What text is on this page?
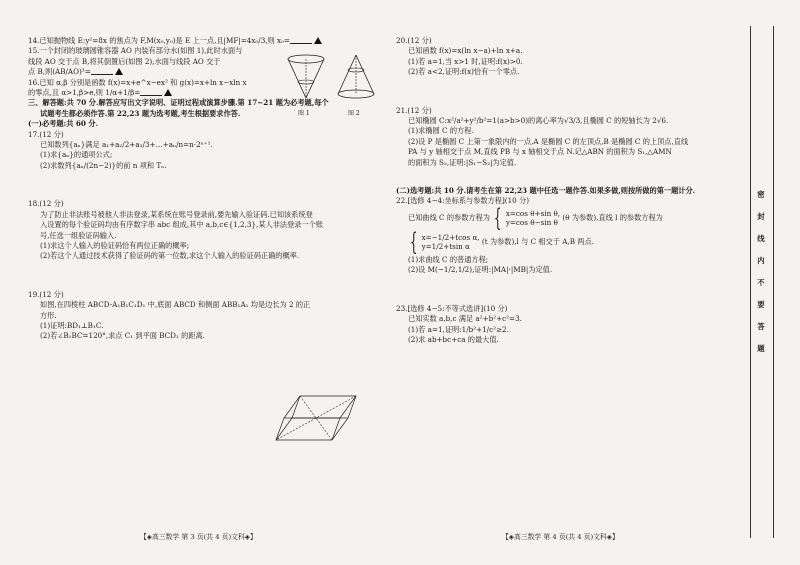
14.已知抛物线 E:y²=8x 的焦点为 F,M(x₀,y₀)是 E 上一点,且|MF|=4x₀/3,则 x₀=
15.一个封闭的玻璃圆锥容器 AO 内装有部分水(如图 1),此时水面与
线段 AO 交于点 B,将其倒置后(如图 2),水面与线段 AO 交于
点 B,则(AB/AO)³=
16.已知 α,β 分别是函数 f(x)=x+e^x−ex² 和 g(x)=x+ln x−xln x
的零点,且 α>1,β>e,则 1/α+1/β=
三、解答题:共 70 分.解答应写出文字说明、证明过程或演算步骤.第 17~21 题为必考题,每个
试题考生都必须作答.第 22,23 题为选考题,考生根据要求作答.
(一)必考题:共 60 分.
17.(12 分)
已知数列{aₙ}满足 a₁+a₂/2+a₃/3+…+aₙ/n=n·2ⁿ⁺¹.
(1)求{aₙ}的通项公式;
(2)求数列{aₙ/(2n−2)}的前 n 项和 Tₙ.
18.(12 分)
为了防止非法账号被他人非法登录,某系统在账号登录前,要先输入验证码.已知该系统登
入设置的每个验证码均由有序数字串 abc 组成,其中 a,b,c∈{1,2,3},某人非法登录一个账
号,任选一组验证码输入.
(1)求这个人输入的验证码恰有两位正确的概率;
(2)若这个人通过技术获得了验证码的第一位数,求这个人输入的验证码正确的概率.
19.(12 分)
如图,在四棱柱 ABCD-A₁B₁C₁D₁ 中,底面 ABCD 和侧面 ABB₁A₁ 均是边长为 2 的正
方形.
(1)证明:BD₁⊥B₁C.
(2)若∠B₁BC=120°,求点 C₁ 到平面 BCD₁ 的距离.
20.(12 分)
已知函数 f(x)=x(ln x−a)+ln x+a.
(1)若 a=1,当 x>1 时,证明:f(x)>0.
(2)若 a<2,证明:f(x)恰有一个零点.
21.(12 分)
已知椭圆 C:x²/a²+y²/b²=1(a>b>0)的离心率为√3/3,且椭圆 C 的短轴长为 2√6.
(1)求椭圆 C 的方程.
(2)设 P 是椭圆 C 上第一象限内的一点,A 是椭圆 C 的左顶点,B 是椭圆 C 的上顶点,直线
PA 与 y 轴相交于点 M,直线 PB 与 x 轴相交于点 N.记△ABN 的面积为 S₁,△AMN
的面积为 S₂,证明:|S₁−S₂|为定值.
(二)选考题:共 10 分.请考生在第 22,23 题中任选一题作答.如果多做,则按所做的第一题计分.
22.[选修 4−4:坐标系与参数方程](10 分)
已知曲线 C 的参数方程为 { x=cos θ+sin θ,
y=cos θ−sin θ
(θ 为参数),直线 l 的参数方程为
{ x=−1/2+tcos α,
y=1/2+tsin α
(t 为参数),l 与 C 相交于 A,B 两点.
(1)求曲线 C 的普通方程;
(2)设 M(−1/2,1/2),证明:|MA|·|MB|为定值.
23.[选修 4−5:不等式选讲](10 分)
已知实数 a,b,c 满足 a²+b²+c²=3.
(1)若 a=1,证明:1/b²+1/c²≥2.
(2)求 ab+bc+ca 的最大值.
图 1	图 2
密
封
线
内
不
要
答
题
【◈高三数学 第 3 页(共 4 页)文科◈】	【◈高三数学 第 4 页(共 4 页)文科◈】
